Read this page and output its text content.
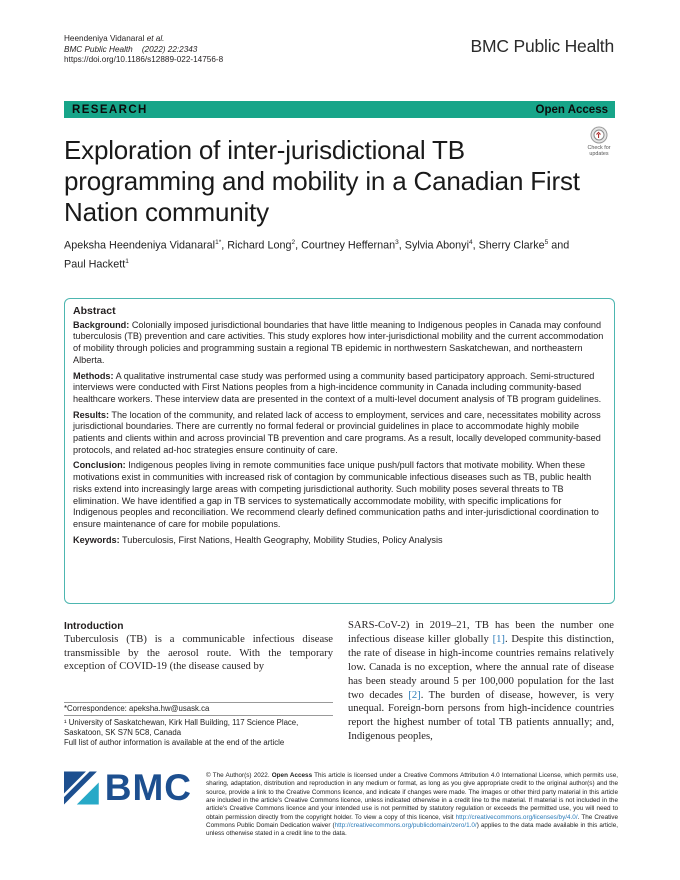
Heendeniya Vidanaral et al.
BMC Public Health (2022) 22:2343
https://doi.org/10.1186/s12889-022-14756-8
BMC Public Health
RESEARCH	Open Access
Exploration of inter-jurisdictional TB programming and mobility in a Canadian First Nation community
Check for
updates
Apeksha Heendeniya Vidanaral$^{1*}$, Richard Long$^2$, Courtney Heffernan$^3$, Sylvia Abonyi$^4$, Sherry Clarke$^5$ and
Paul Hackett$^1$
Abstract
Background: Colonially imposed jurisdictional boundaries that have little meaning to Indigenous peoples in Canada may confound tuberculosis (TB) prevention and care activities. This study explores how inter-jurisdictional mobility and the current accommodation of mobility through policies and programming sustain a regional TB epidemic in northwestern Saskatchewan, and northeastern Alberta.
Methods: A qualitative instrumental case study was performed using a community based participatory approach. Semi-structured interviews were conducted with First Nations peoples from a high-incidence community in Canada including community-based healthcare workers. These interview data are presented in the context of a multi-level document analysis of TB program guidelines.
Results: The location of the community, and related lack of access to employment, services and care, necessitates mobility across jurisdictional boundaries. There are currently no formal federal or provincial guidelines in place to accommodate highly mobile patients and clients within and across provincial TB prevention and care programs. As a result, locally developed community-based protocols, and related ad-hoc strategies ensure continuity of care.
Conclusion: Indigenous peoples living in remote communities face unique push/pull factors that motivate mobility. When these motivations exist in communities with increased risk of contagion by communicable infectious diseases such as TB, public health risks extend into increasingly large areas with competing jurisdictional authority. Such mobility poses several threats to TB elimination. We have identified a gap in TB services to systematically accommodate mobility, with specific implications for Indigenous peoples and reconciliation. We recommend clearly defined communication paths and inter-jurisdictional coordination to ensure maintenance of care for mobile populations.
Keywords: Tuberculosis, First Nations, Health Geography, Mobility Studies, Policy Analysis
Introduction
Tuberculosis (TB) is a communicable infectious disease transmissible by the aerosol route. With the temporary exception of COVID-19 (the disease caused by
SARS-CoV-2) in 2019–21, TB has been the number one infectious disease killer globally [1]. Despite this distinction, the rate of disease in high-income countries remains relatively low. Canada is no exception, where the annual rate of disease has been steady around 5 per 100,000 population for the last two decades [2]. The burden of disease, however, is very unequal. Foreign-born persons from high-incidence countries report the highest number of total TB patients annually; and, Indigenous peoples,
*Correspondence: apeksha.hw@usask.ca
¹ University of Saskatchewan, Kirk Hall Building, 117 Science Place, Saskatoon, SK S7N 5C8, Canada
Full list of author information is available at the end of the article
BMC © The Author(s) 2022. Open Access This article is licensed under a Creative Commons Attribution 4.0 International License, which permits use, sharing, adaptation, distribution and reproduction in any medium or format, as long as you give appropriate credit to the original author(s) and the source, provide a link to the Creative Commons licence, and indicate if changes were made. The images or other third party material in this article are included in the article's Creative Commons licence, unless indicated otherwise in a credit line to the material. If material is not included in the article's Creative Commons licence and your intended use is not permitted by statutory regulation or exceeds the permitted use, you will need to obtain permission directly from the copyright holder. To view a copy of this licence, visit http://creativecommons.org/licenses/by/4.0/. The Creative Commons Public Domain Dedication waiver (http://creativecommons.org/publicdomain/zero/1.0/) applies to the data made available in this article, unless otherwise stated in a credit line to the data.
